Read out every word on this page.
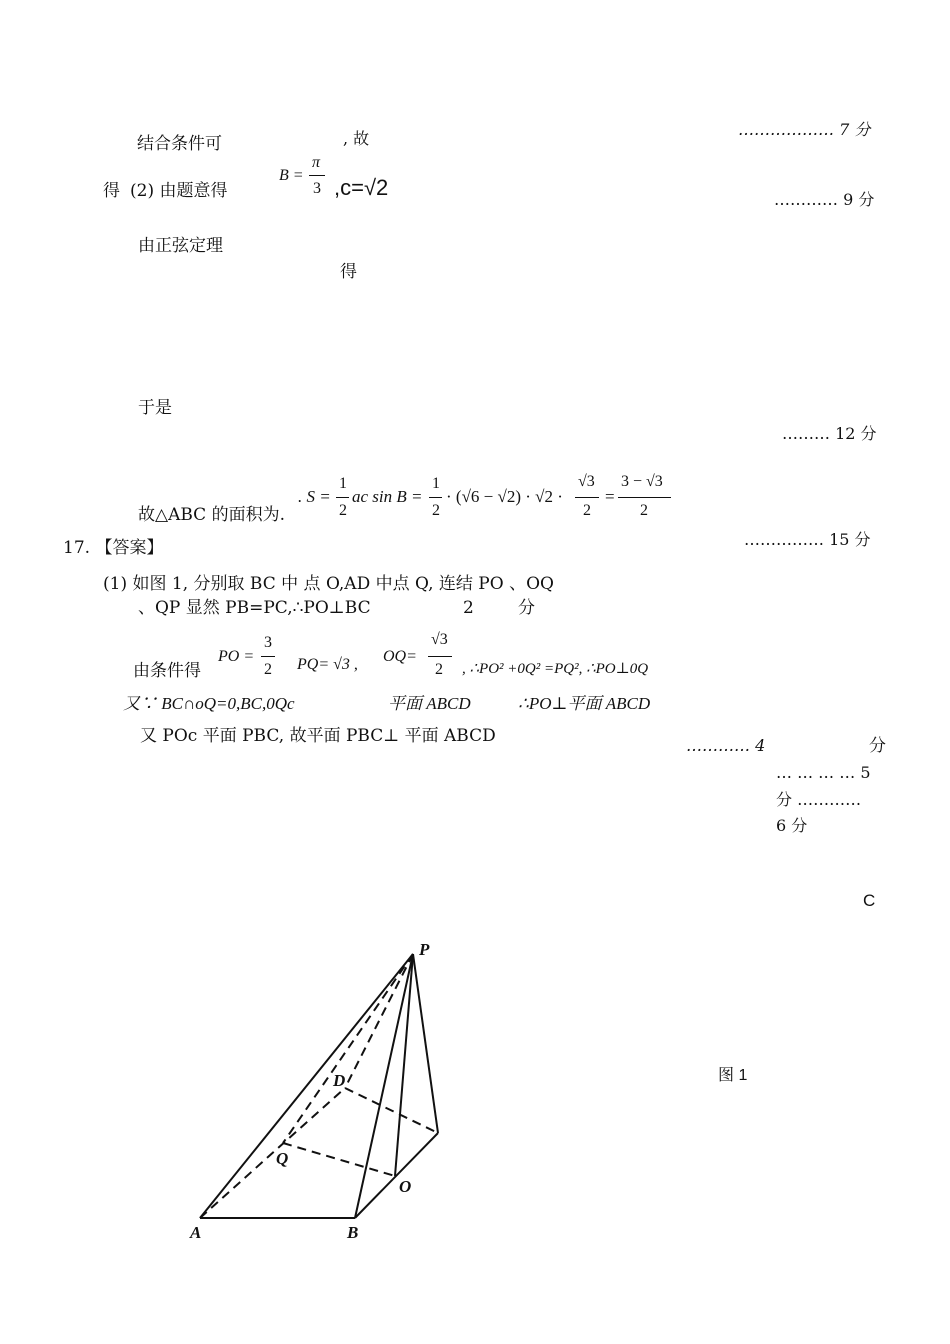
结合条件可	, 故	……………… 7 分
得 (2) 由题意得
B =
π
3 ,c=√2	………… 9 分
由正弦定理
得
于是
……… 12 分
. S =
1
2
ac sin B =
1
2
· (√6 − √2) · √2 ·
√3
2
=
3 − √3
2
故△ABC 的面积为.
…………… 15 分
17. 【答案】
(1) 如图 1, 分别取 BC 中 点 O,AD 中点 Q, 连结 PO 、OQ
、QP 显然 PB=PC,∴PO⊥BC	2	分
由条件得
PO =
3
2 PQ= √3 , OQ=
√3
2 , ∴PO² +0Q² =PQ², ∴PO⊥0Q
又∵ BC∩oQ=0,BC,0Qc	平面 ABCD	∴PO⊥平面 ABCD
又 POc 平面 PBC, 故平面 PBC⊥ 平面 ABCD	………… 4	分
… … … … 5
分 …………
6 分
C
图 1
P
D
Q
O
A	B
